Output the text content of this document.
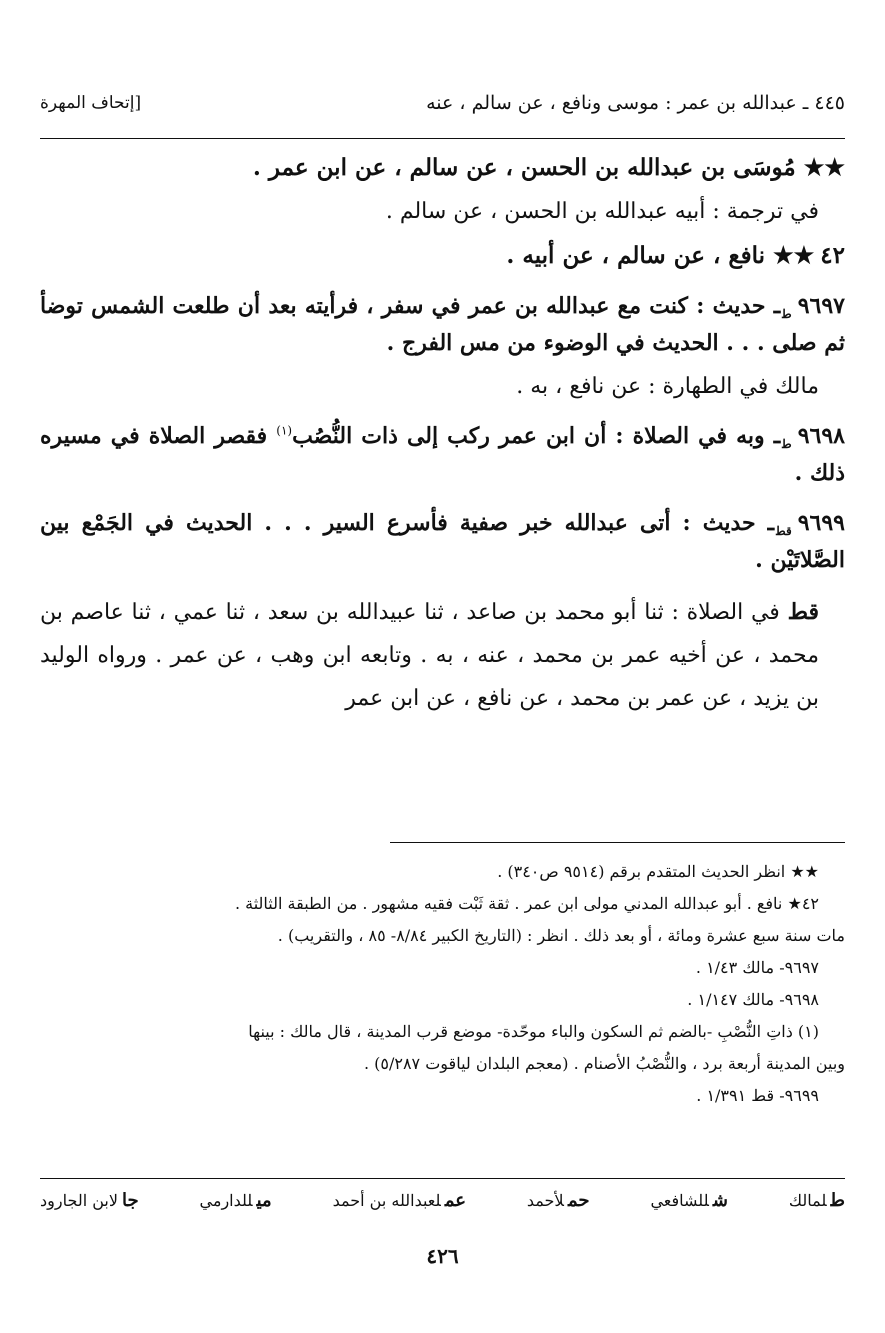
٤٤٥ ـ عبدالله بن عمر : موسى ونافع ، عن سالم ، عنه
[إتحاف المهرة

★★مُوسَى بن عبدالله بن الحسن ، عن سالم ، عن ابن عمر .

في ترجمة : أبيه عبدالله بن الحسن ، عن سالم .

٤٢★★نافع ، عن سالم ، عن أبيه .

$٩٦٩٧_طـ$ حديث : كنت مع عبدالله بن عمر في سفر ، فرأيته بعد أن طلعت الشمس توضأ ثم صلى . . . الحديث في الوضوء من مس الفرج .

مالك في الطهارة : عن نافع ، به .

$٩٦٩٨_طـ$ وبه في الصلاة : أن ابن عمر ركب إلى ذات النُّصُب$^{(١)}$ فقصر الصلاة في مسيره ذلك .

$٩٦٩٩_{قط}ـ$ حديث : أتى عبدالله خبر صفية فأسرع السير . . . الحديث في الجَمْع بين الصَّلاتَيْن .

قط في الصلاة : ثنا أبو محمد بن صاعد ، ثنا عبيدالله بن سعد ، ثنا عمي ، ثنا عاصم بن محمد ، عن أخيه عمر بن محمد ، عنه ، به . وتابعه ابن وهب ، عن عمر . ورواه الوليد بن يزيد ، عن عمر بن محمد ، عن نافع ، عن ابن عمر

★★ انظر الحديث المتقدم برقم (٩٥١٤ ص٣٤٠) .

٤٢★ نافع . أبو عبدالله المدني مولى ابن عمر . ثقة ثَبْت فقيه مشهور . من الطبقة الثالثة .

مات سنة سبع عشرة ومائة ، أو بعد ذلك . انظر : (التاريخ الكبير ٨/٨٤- ٨٥ ، والتقريب) .

٩٦٩٧- مالك ١/٤٣ .

٩٦٩٨- مالك ١/١٤٧ .

(١) ذاتِ النُّصْبِ -بالضم ثم السكون والباء موحّدة- موضع قرب المدينة ، قال مالك : بينها

وبين المدينة أربعة برد ، والنُّصْبُ الأصنام . (معجم البلدان لياقوت ٥/٢٨٧) .

٩٦٩٩- قط ١/٣٩١ .

طلمالك
شللشافعي
حملأحمد
عملعبدالله بن أحمد
ميللدارمي
جالابن الجارود
٤٢٦
